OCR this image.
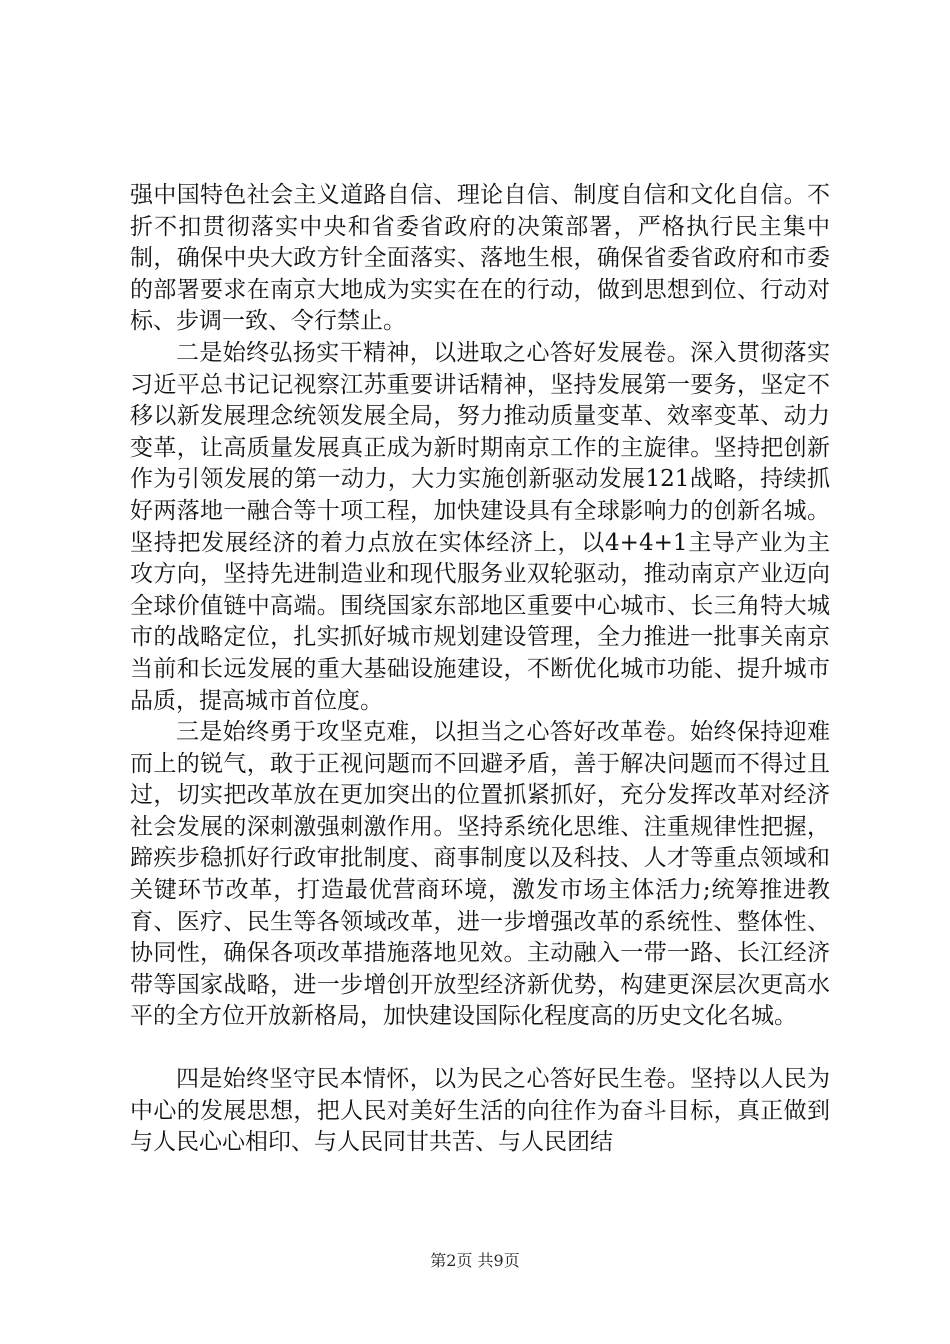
强中国特色社会主义道路自信、理论自信、制度自信和文化自信。不折不扣贯彻落实中央和省委省政府的决策部署，严格执行民主集中制，确保中央大政方针全面落实、落地生根，确保省委省政府和市委的部署要求在南京大地成为实实在在的行动，做到思想到位、行动对标、步调一致、令行禁止。

二是始终弘扬实干精神，以进取之心答好发展卷。深入贯彻落实习近平总书记记视察江苏重要讲话精神，坚持发展第一要务，坚定不移以新发展理念统领发展全局，努力推动质量变革、效率变革、动力变革，让高质量发展真正成为新时期南京工作的主旋律。坚持把创新作为引领发展的第一动力，大力实施创新驱动发展121战略，持续抓好两落地一融合等十项工程，加快建设具有全球影响力的创新名城。坚持把发展经济的着力点放在实体经济上，以4+4+1主导产业为主攻方向，坚持先进制造业和现代服务业双轮驱动，推动南京产业迈向全球价值链中高端。围绕国家东部地区重要中心城市、长三角特大城市的战略定位，扎实抓好城市规划建设管理，全力推进一批事关南京当前和长远发展的重大基础设施建设，不断优化城市功能、提升城市品质，提高城市首位度。

三是始终勇于攻坚克难，以担当之心答好改革卷。始终保持迎难而上的锐气，敢于正视问题而不回避矛盾，善于解决问题而不得过且过，切实把改革放在更加突出的位置抓紧抓好，充分发挥改革对经济社会发展的深刺激强刺激作用。坚持系统化思维、注重规律性把握，蹄疾步稳抓好行政审批制度、商事制度以及科技、人才等重点领域和关键环节改革，打造最优营商环境，激发市场主体活力;统筹推进教育、医疗、民生等各领域改革，进一步增强改革的系统性、整体性、协同性，确保各项改革措施落地见效。主动融入一带一路、长江经济带等国家战略，进一步增创开放型经济新优势，构建更深层次更高水平的全方位开放新格局，加快建设国际化程度高的历史文化名城。

四是始终坚守民本情怀，以为民之心答好民生卷。坚持以人民为中心的发展思想，把人民对美好生活的向往作为奋斗目标，真正做到与人民心心相印、与人民同甘共苦、与人民团结

第2页 共9页
